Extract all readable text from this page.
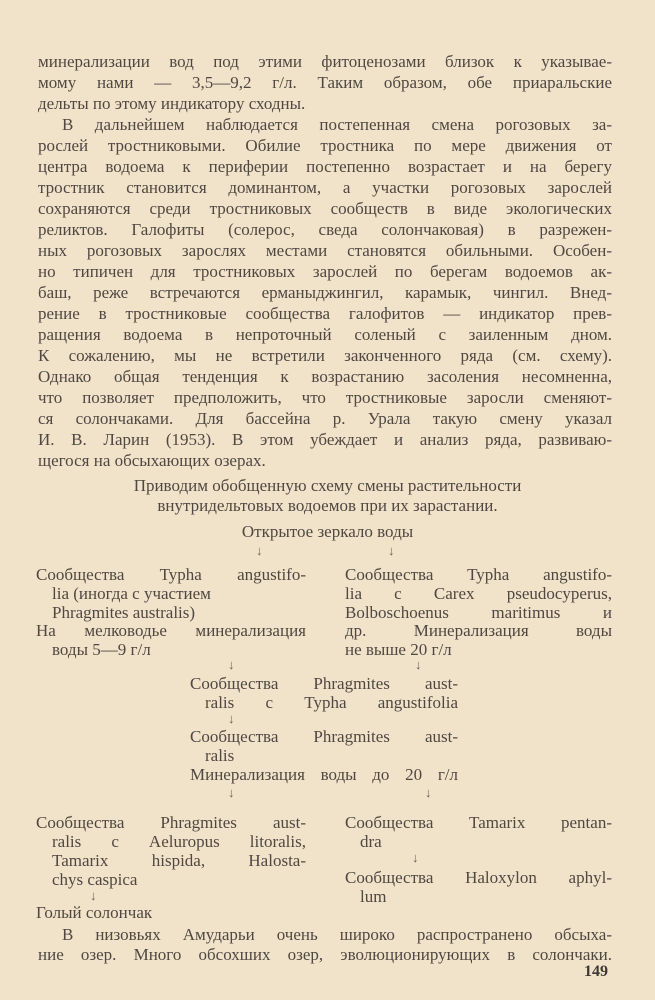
минерализации вод под этими фитоценозами близок к указывае-
мому нами — 3,5—9,2 г/л. Таким образом, обе приаральские
дельты по этому индикатору сходны.
В дальнейшем наблюдается постепенная смена рогозовых за-
рослей тростниковыми. Обилие тростника по мере движения от
центра водоема к периферии постепенно возрастает и на берегу
тростник становится доминантом, а участки рогозовых зарослей
сохраняются среди тростниковых сообществ в виде экологических
реликтов. Галофиты (солерос, сведа солончаковая) в разрежен-
ных рогозовых зарослях местами становятся обильными. Особен-
но типичен для тростниковых зарослей по берегам водоемов ак-
баш, реже встречаются ерманыджингил, карамык, чингил. Внед-
рение в тростниковые сообщества галофитов — индикатор прев-
ращения водоема в непроточный соленый с заиленным дном.
К сожалению, мы не встретили законченного ряда (см. схему).
Однако общая тенденция к возрастанию засоления несомненна,
что позволяет предположить, что тростниковые заросли сменяют-
ся солончаками. Для бассейна р. Урала такую смену указал
И. В. Ларин (1953). В этом убеждает и анализ ряда, развиваю-
щегося на обсыхающих озерах.
Приводим обобщенную схему смены растительности
внутридельтовых водоемов при их зарастании.
Открытое зеркало воды
↓	↓
Сообщества Typha angustifo-
lia (иногда с участием
Phragmites australis)
На мелководье минерализация
воды 5—9 г/л
Сообщества Typha angustifo-
lia с Carex pseudocyperus,
Bolboschoenus maritimus и
др. Минерализация воды
не выше 20 г/л
↓	↓
Сообщества Phragmites aust-
ralis с Typha angustifolia
↓
Сообщества Phragmites aust-
ralis
Минерализация воды до 20 г/л
↓	↓
Сообщества Phragmites aust-
ralis с Aeluropus litoralis,
Tamarix hispida, Halosta-
chys caspica
↓
Голый солончак
Сообщества Tamarix pentan-
dra
↓
Сообщества Haloxylon aphyl-
lum
В низовьях Амударьи очень широко распространено обсыха-
ние озер. Много обсохших озер, эволюционирующих в солончаки.
149
